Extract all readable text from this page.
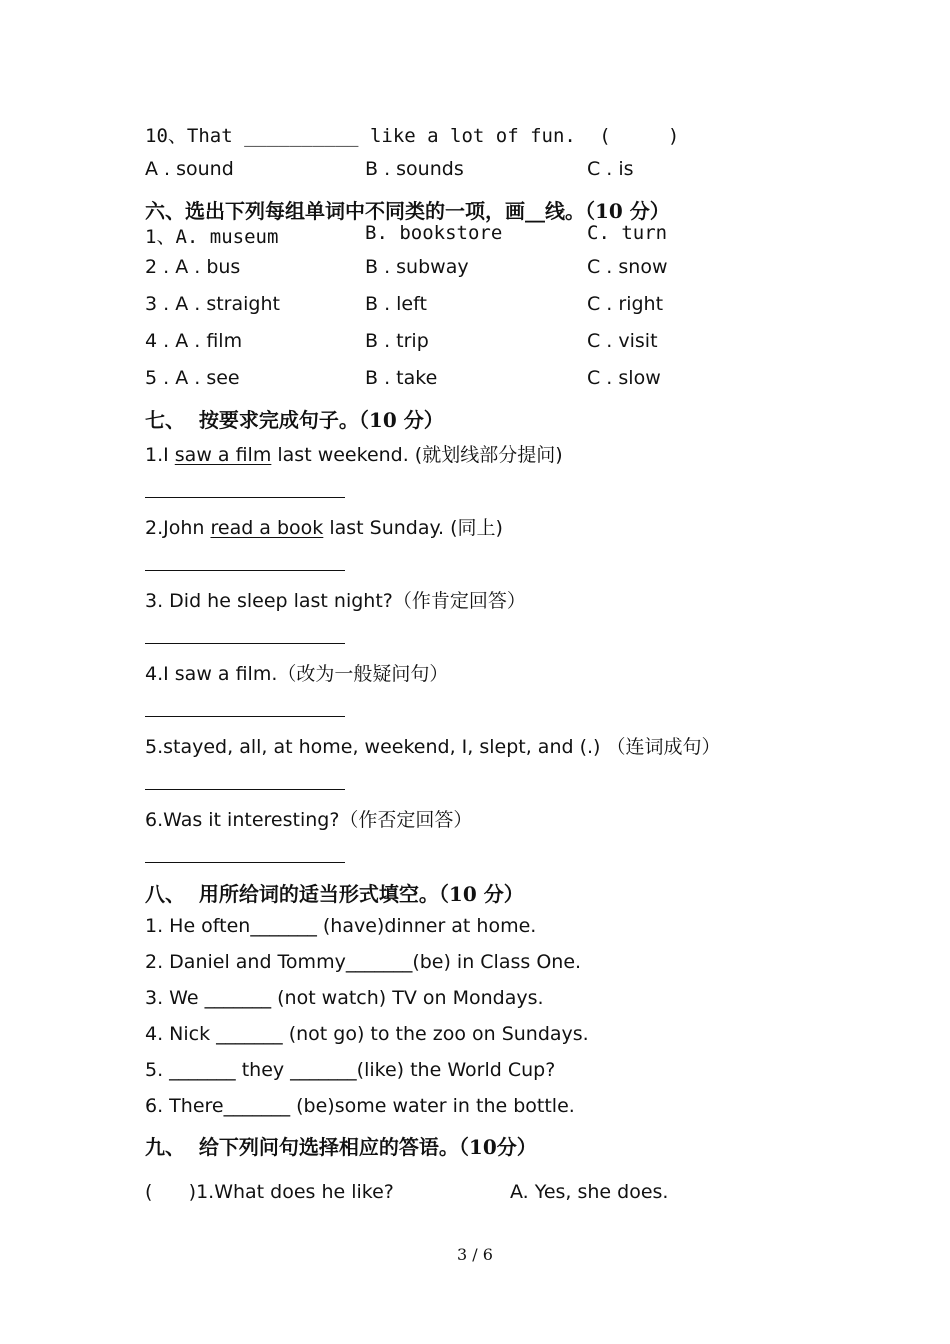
10、That __________ like a lot of fun. (     )
A . sound	B . sounds	C . is
六、选出下列每组单词中不同类的一项，画__线。（10 分）
1、A. museum	B. bookstore	C. turn
2 . A . bus	B . subway	C . snow
3 . A . straight	B . left	C . right
4 . A . film	B . trip	C . visit
5 . A . see	B . take	C . slow
七、  按要求完成句子。（10 分）
1.I saw a film last weekend. (就划线部分提问)
2.John read a book last Sunday. (同上)
3. Did he sleep last night?（作肯定回答）
4.I saw a film.（改为一般疑问句）
5.stayed, all, at home, weekend, I, slept, and (.) （连词成句）
6.Was it interesting?（作否定回答）
八、  用所给词的适当形式填空。（10 分）
1. He often_______ (have)dinner at home.
2. Daniel and Tommy_______(be) in Class One.
3. We _______ (not watch) TV on Mondays.
4. Nick _______ (not go) to the zoo on Sundays.
5. _______ they _______(like) the World Cup?
6. There_______ (be)some water in the bottle.
九、  给下列问句选择相应的答语。（10分）
(      )1.What does he like?	A. Yes, she does.
3 / 6
